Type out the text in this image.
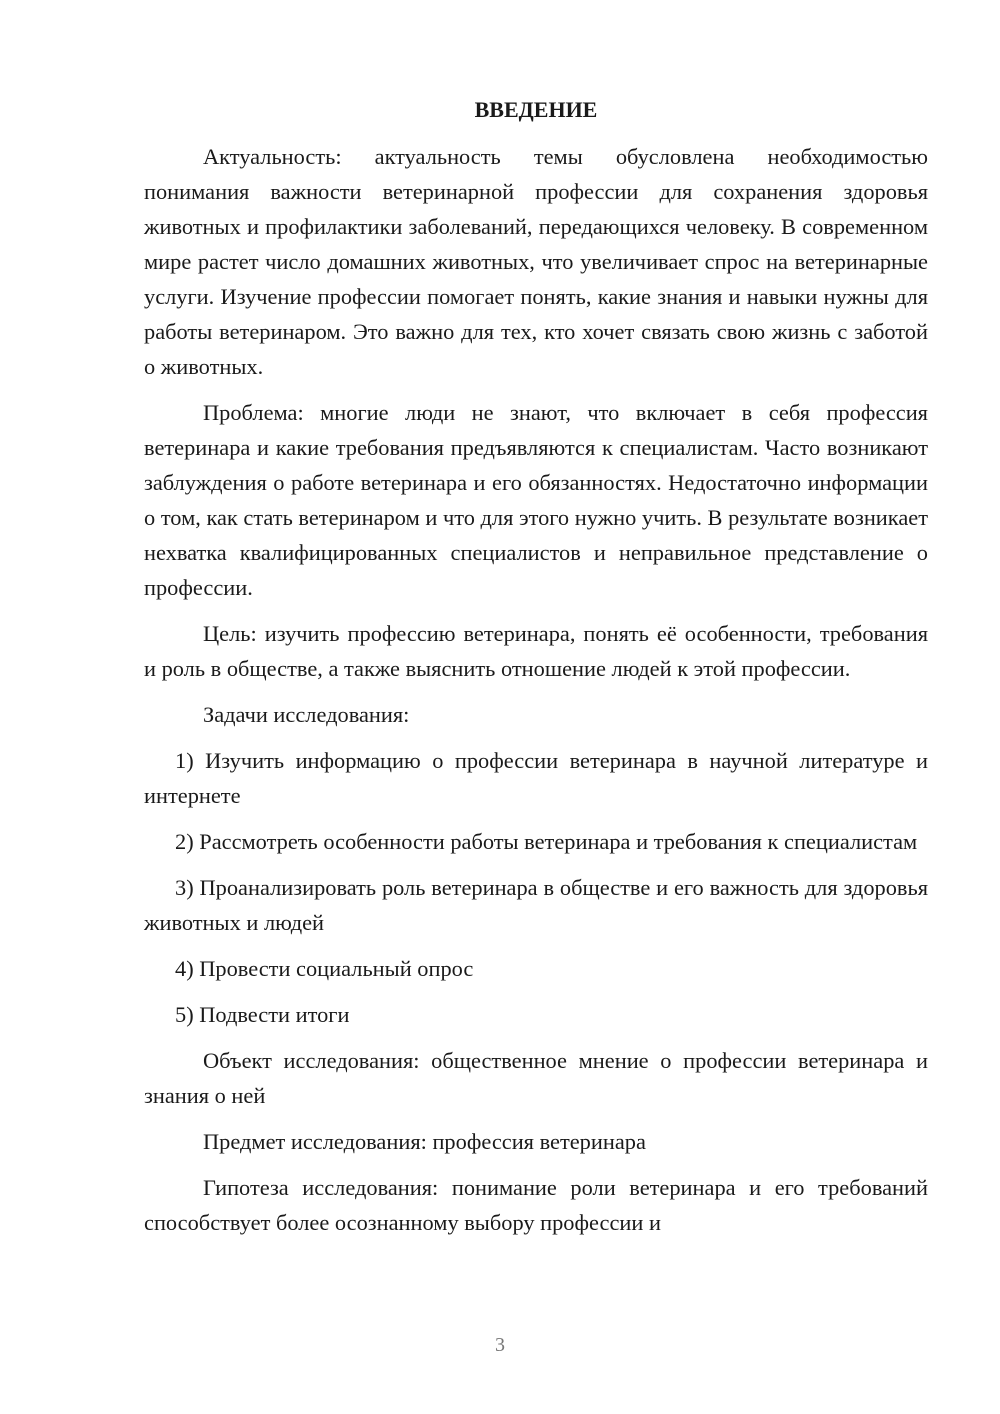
ВВЕДЕНИЕ

Актуальность: актуальность темы обусловлена необходимостью понимания важности ветеринарной профессии для сохранения здоровья животных и профилактики заболеваний, передающихся человеку. В современном мире растет число домашних животных, что увеличивает спрос на ветеринарные услуги. Изучение профессии помогает понять, какие знания и навыки нужны для работы ветеринаром. Это важно для тех, кто хочет связать свою жизнь с заботой о животных.

Проблема: многие люди не знают, что включает в себя профессия ветеринара и какие требования предъявляются к специалистам. Часто возникают заблуждения о работе ветеринара и его обязанностях. Недостаточно информации о том, как стать ветеринаром и что для этого нужно учить. В результате возникает нехватка квалифицированных специалистов и неправильное представление о профессии.

Цель: изучить профессию ветеринара, понять её особенности, требования и роль в обществе, а также выяснить отношение людей к этой профессии.

Задачи исследования:

1) Изучить информацию о профессии ветеринара в научной литературе и интернете

2) Рассмотреть особенности работы ветеринара и требования к специалистам

3) Проанализировать роль ветеринара в обществе и его важность для здоровья животных и людей

4) Провести социальный опрос

5) Подвести итоги

Объект исследования: общественное мнение о профессии ветеринара и знания о ней

Предмет исследования: профессия ветеринара

Гипотеза исследования: понимание роли ветеринара и его требований способствует более осознанному выбору профессии и

3
